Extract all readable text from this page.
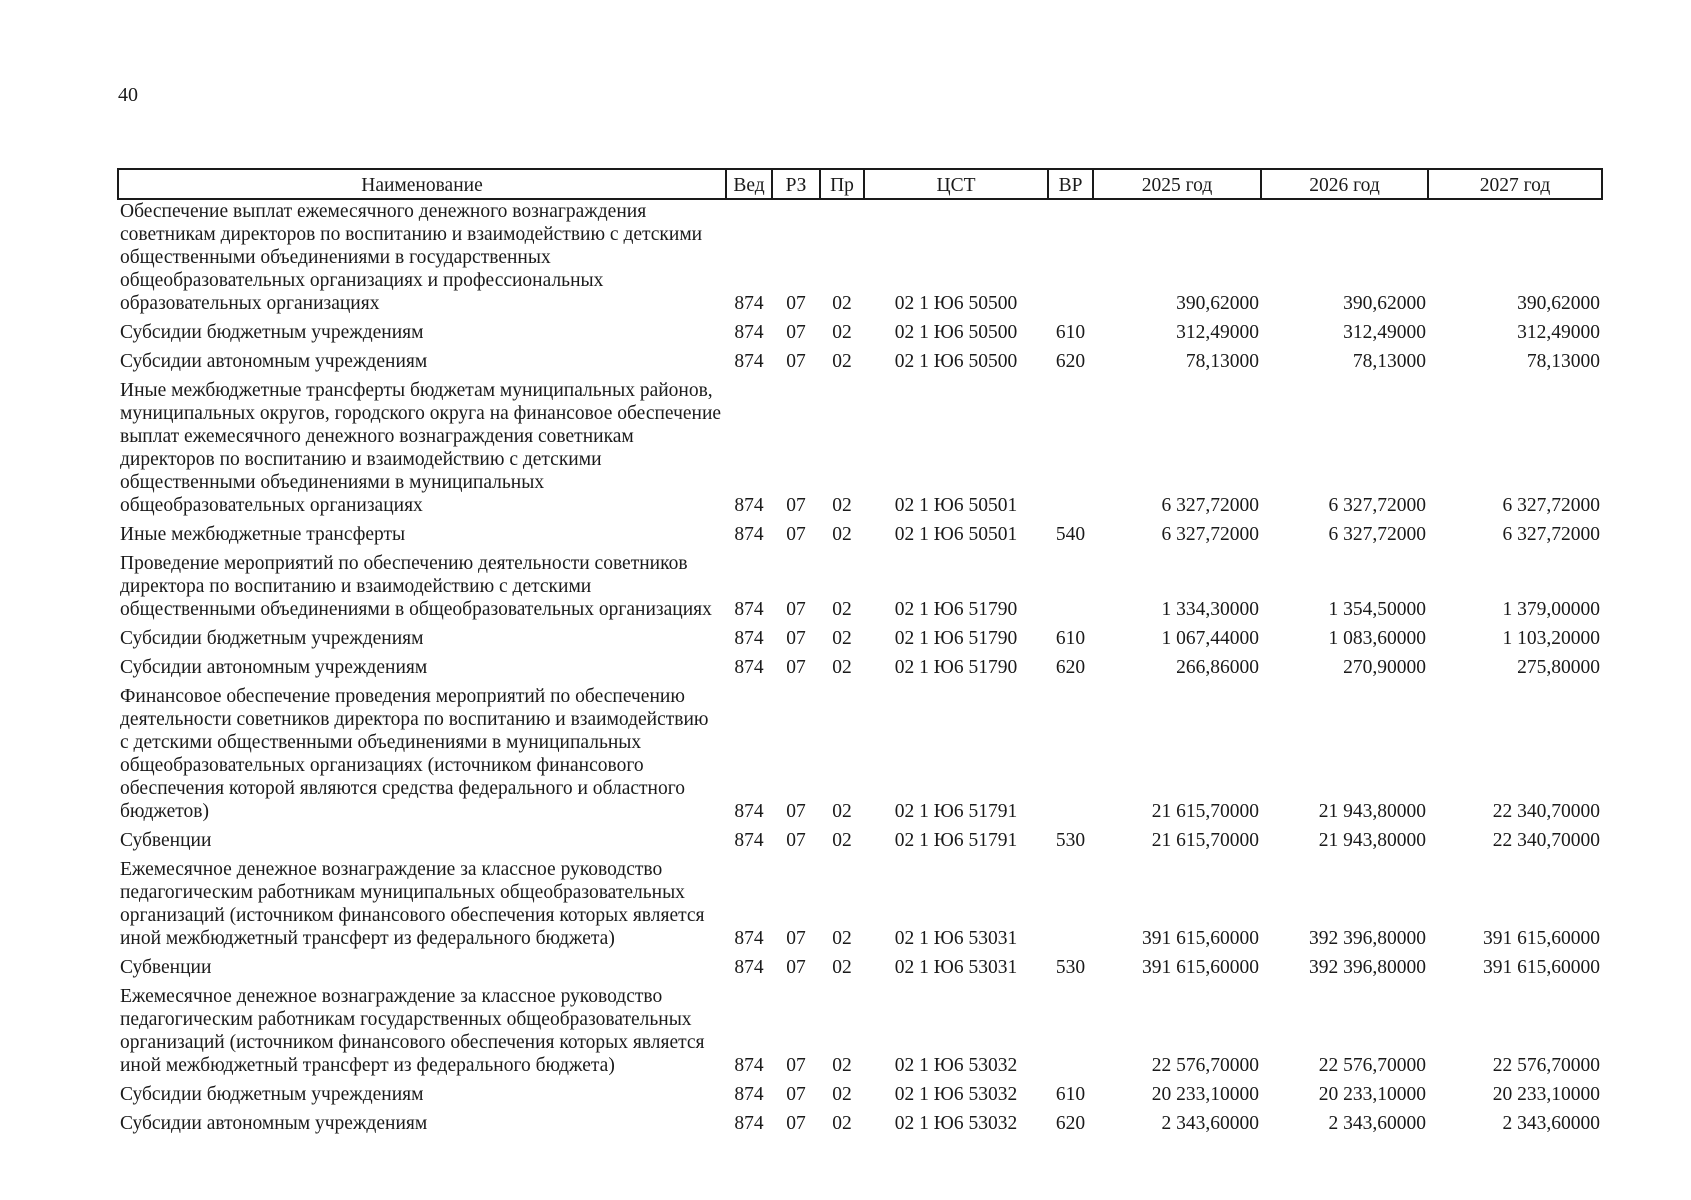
40
Наименование	Вед	РЗ	Пр	ЦСТ	ВР	2025 год	2026 год	2027 год
Обеспечение выплат ежемесячного денежного вознаграждения советникам директоров по воспитанию и взаимодействию с детскими общественными объединениями в государственных общеобразовательных организациях и профессиональных образовательных организациях	874	07	02	02 1 Ю6 50500		390,62000	390,62000	390,62000
Субсидии бюджетным учреждениям	874	07	02	02 1 Ю6 50500	610	312,49000	312,49000	312,49000
Субсидии автономным учреждениям	874	07	02	02 1 Ю6 50500	620	78,13000	78,13000	78,13000
Иные межбюджетные трансферты бюджетам муниципальных районов, муниципальных округов, городского округа на финансовое обеспечение выплат ежемесячного денежного вознаграждения советникам директоров по воспитанию и взаимодействию с детскими общественными объединениями в муниципальных общеобразовательных организациях	874	07	02	02 1 Ю6 50501		6 327,72000	6 327,72000	6 327,72000
Иные межбюджетные трансферты	874	07	02	02 1 Ю6 50501	540	6 327,72000	6 327,72000	6 327,72000
Проведение мероприятий по обеспечению деятельности советников директора по воспитанию и взаимодействию с детскими общественными объединениями в общеобразовательных организациях	874	07	02	02 1 Ю6 51790		1 334,30000	1 354,50000	1 379,00000
Субсидии бюджетным учреждениям	874	07	02	02 1 Ю6 51790	610	1 067,44000	1 083,60000	1 103,20000
Субсидии автономным учреждениям	874	07	02	02 1 Ю6 51790	620	266,86000	270,90000	275,80000
Финансовое обеспечение проведения мероприятий по обеспечению деятельности советников директора по воспитанию и взаимодействию с детскими общественными объединениями в муниципальных общеобразовательных организациях (источником финансового обеспечения которой являются средства федерального и областного бюджетов)	874	07	02	02 1 Ю6 51791		21 615,70000	21 943,80000	22 340,70000
Субвенции	874	07	02	02 1 Ю6 51791	530	21 615,70000	21 943,80000	22 340,70000
Ежемесячное денежное вознаграждение за классное руководство педагогическим работникам муниципальных общеобразовательных организаций (источником финансового обеспечения которых является иной межбюджетный трансферт из федерального бюджета)	874	07	02	02 1 Ю6 53031		391 615,60000	392 396,80000	391 615,60000
Субвенции	874	07	02	02 1 Ю6 53031	530	391 615,60000	392 396,80000	391 615,60000
Ежемесячное денежное вознаграждение за классное руководство педагогическим работникам государственных общеобразовательных организаций (источником финансового обеспечения которых является иной межбюджетный трансферт из федерального бюджета)	874	07	02	02 1 Ю6 53032		22 576,70000	22 576,70000	22 576,70000
Субсидии бюджетным учреждениям	874	07	02	02 1 Ю6 53032	610	20 233,10000	20 233,10000	20 233,10000
Субсидии автономным учреждениям	874	07	02	02 1 Ю6 53032	620	2 343,60000	2 343,60000	2 343,60000
